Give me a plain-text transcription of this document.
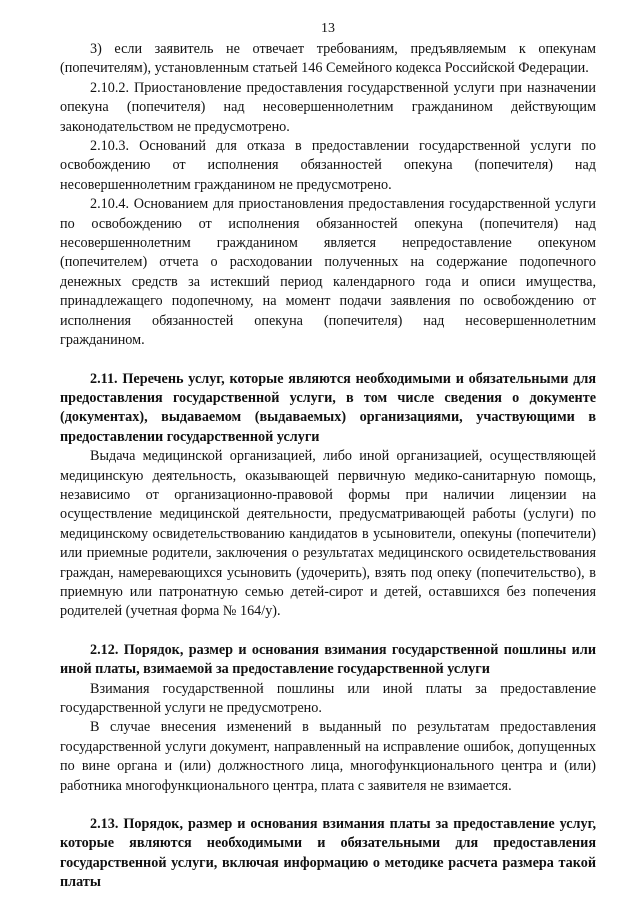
13

3) если заявитель не отвечает требованиям, предъявляемым к опекунам (попечителям), установленным статьей 146 Семейного кодекса Российской Федерации.

2.10.2. Приостановление предоставления государственной услуги при назначении опекуна (попечителя) над несовершеннолетним гражданином действующим законодательством не предусмотрено.

2.10.3. Оснований для отказа в предоставлении государственной услуги по освобождению от исполнения обязанностей опекуна (попечителя) над несовершеннолетним гражданином не предусмотрено.

2.10.4. Основанием для приостановления предоставления государственной услуги по освобождению от исполнения обязанностей опекуна (попечителя) над несовершеннолетним гражданином является непредоставление опекуном (попечителем) отчета о расходовании полученных на содержание подопечного денежных средств за истекший период календарного года и описи имущества, принадлежащего подопечному, на момент подачи заявления по освобождению от исполнения обязанностей опекуна (попечителя) над несовершеннолетним гражданином.

2.11. Перечень услуг, которые являются необходимыми и обязательными для предоставления государственной услуги, в том числе сведения о документе (документах), выдаваемом (выдаваемых) организациями, участвующими в предоставлении государственной услуги

Выдача медицинской организацией, либо иной организацией, осуществляющей медицинскую деятельность, оказывающей первичную медико-санитарную помощь, независимо от организационно-правовой формы при наличии лицензии на осуществление медицинской деятельности, предусматривающей работы (услуги) по медицинскому освидетельствованию кандидатов в усыновители, опекуны (попечители) или приемные родители, заключения о результатах медицинского освидетельствования граждан, намеревающихся усыновить (удочерить), взять под опеку (попечительство), в приемную или патронатную семью детей-сирот и детей, оставшихся без попечения родителей (учетная форма № 164/у).

2.12. Порядок, размер и основания взимания государственной пошлины или иной платы, взимаемой за предоставление государственной услуги

Взимания государственной пошлины или иной платы за предоставление государственной услуги не предусмотрено.

В случае внесения изменений в выданный по результатам предоставления государственной услуги документ, направленный на исправление ошибок, допущенных по вине органа и (или) должностного лица, многофункционального центра и (или) работника многофункционального центра, плата с заявителя не взимается.

2.13. Порядок, размер и основания взимания платы за предоставление услуг, которые являются необходимыми и обязательными для предоставления государственной услуги, включая информацию о методике расчета размера такой платы
